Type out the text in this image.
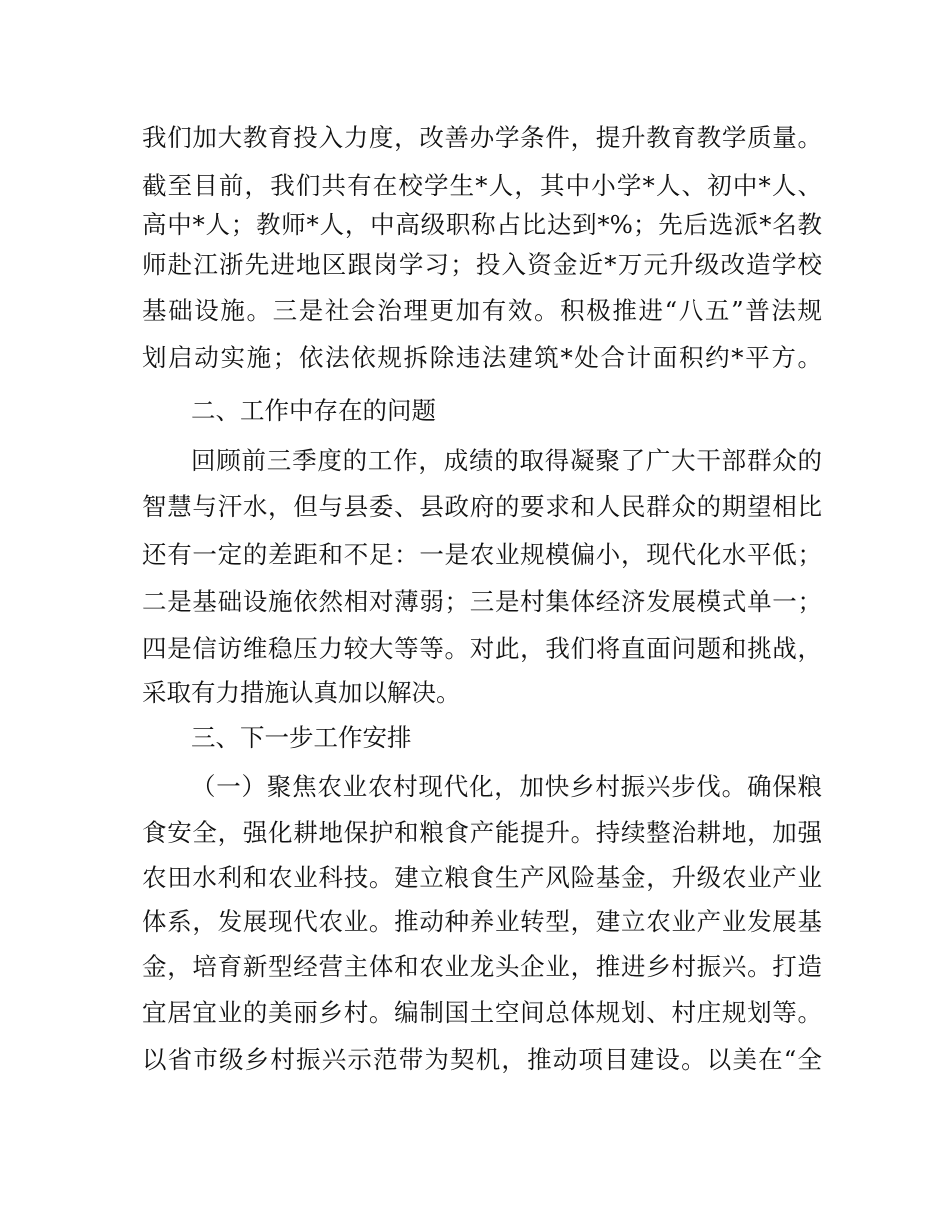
我们加大教育投入力度，改善办学条件，提升教育教学质量。
截至目前，我们共有在校学生*人，其中小学*人、初中*人、
高中*人；教师*人，中高级职称占比达到*%；先后选派*名教
师赴江浙先进地区跟岗学习；投入资金近*万元升级改造学校
基础设施。三是社会治理更加有效。积极推进“八五”普法规
划启动实施；依法依规拆除违法建筑*处合计面积约*平方。
二、工作中存在的问题
回顾前三季度的工作，成绩的取得凝聚了广大干部群众的
智慧与汗水，但与县委、县政府的要求和人民群众的期望相比
还有一定的差距和不足：一是农业规模偏小，现代化水平低；
二是基础设施依然相对薄弱；三是村集体经济发展模式单一；
四是信访维稳压力较大等等。对此，我们将直面问题和挑战，
采取有力措施认真加以解决。
三、下一步工作安排
（一）聚焦农业农村现代化，加快乡村振兴步伐。确保粮
食安全，强化耕地保护和粮食产能提升。持续整治耕地，加强
农田水利和农业科技。建立粮食生产风险基金，升级农业产业
体系，发展现代农业。推动种养业转型，建立农业产业发展基
金，培育新型经营主体和农业龙头企业，推进乡村振兴。打造
宜居宜业的美丽乡村。编制国土空间总体规划、村庄规划等。
以省市级乡村振兴示范带为契机，推动项目建设。以美在“全
